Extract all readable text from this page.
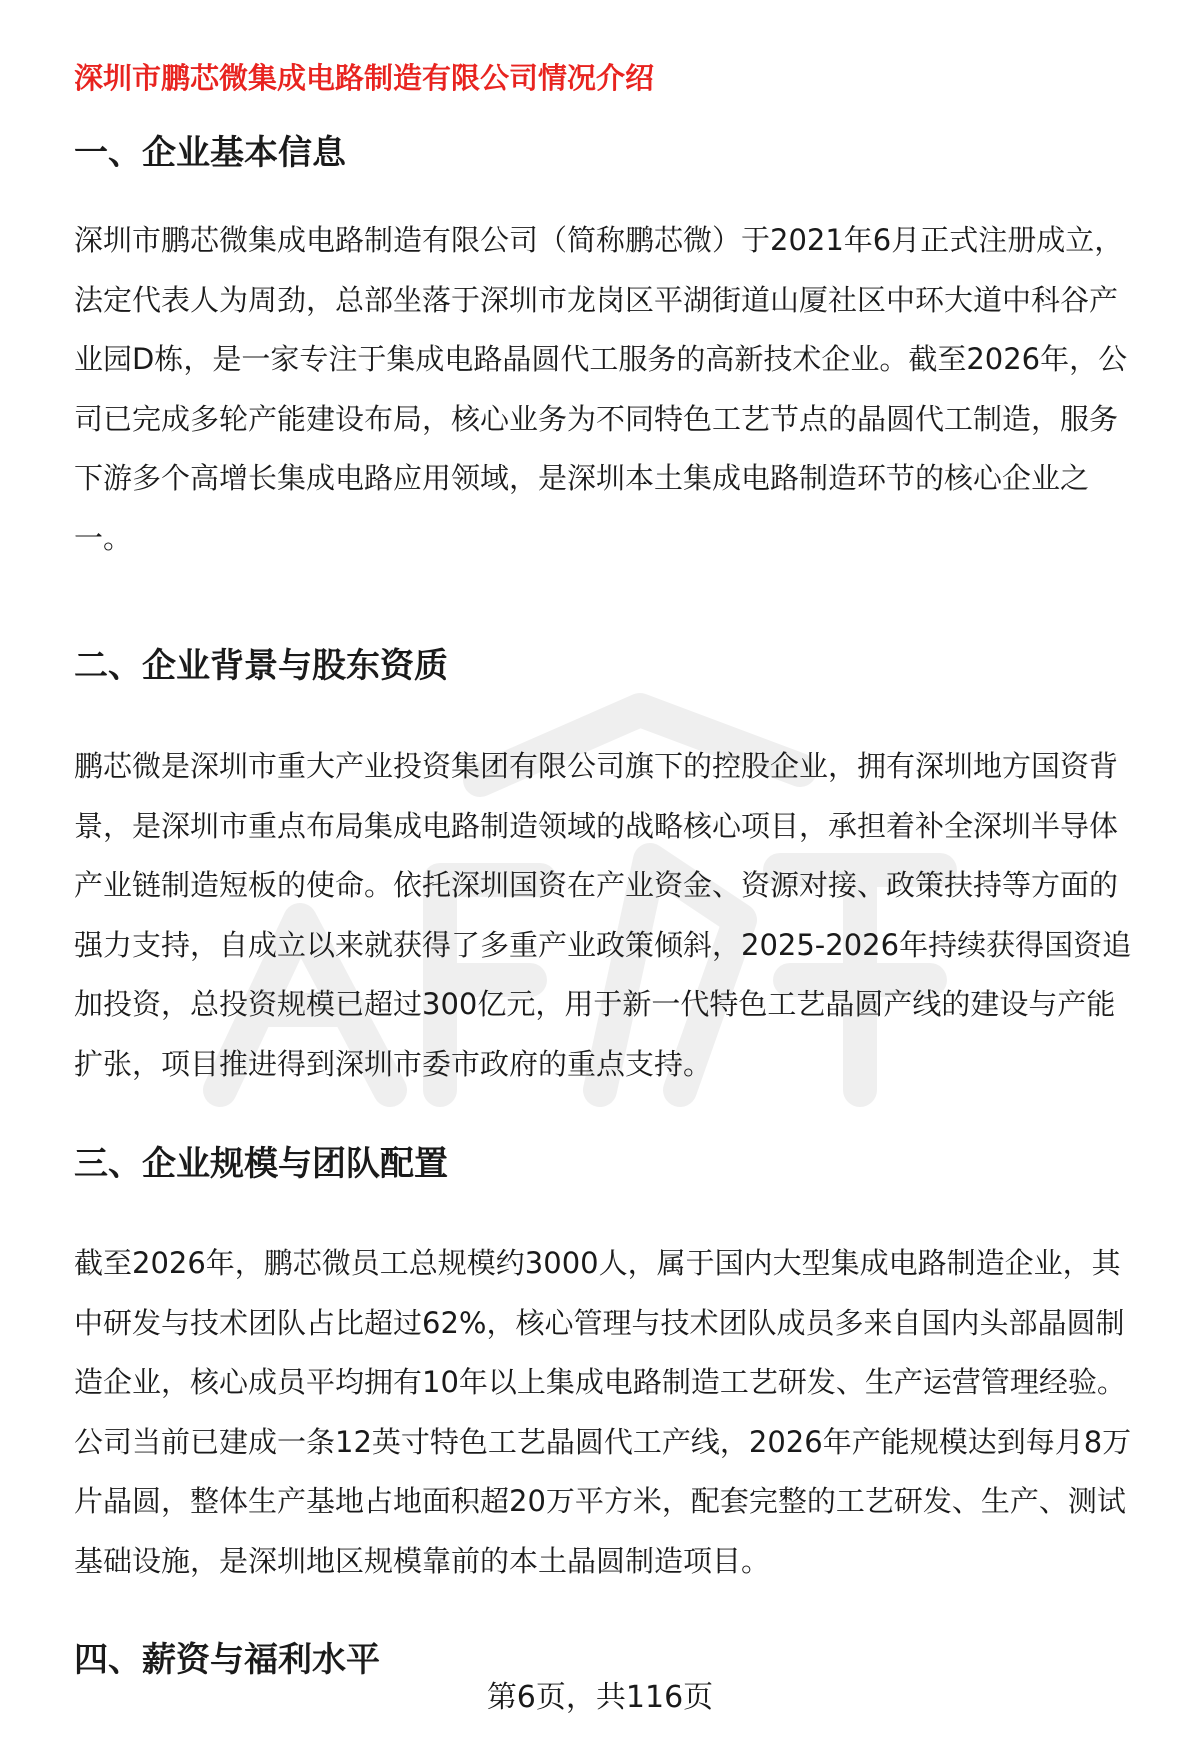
深圳市鹏芯微集成电路制造有限公司情况介绍
一、企业基本信息
深圳市鹏芯微集成电路制造有限公司（简称鹏芯微）于2021年6月正式注册成立，
法定代表人为周劲，总部坐落于深圳市龙岗区平湖街道山厦社区中环大道中科谷产
业园D栋，是一家专注于集成电路晶圆代工服务的高新技术企业。截至2026年，公
司已完成多轮产能建设布局，核心业务为不同特色工艺节点的晶圆代工制造，服务
下游多个高增长集成电路应用领域，是深圳本土集成电路制造环节的核心企业之
一。
二、企业背景与股东资质
鹏芯微是深圳市重大产业投资集团有限公司旗下的控股企业，拥有深圳地方国资背
景，是深圳市重点布局集成电路制造领域的战略核心项目，承担着补全深圳半导体
产业链制造短板的使命。依托深圳国资在产业资金、资源对接、政策扶持等方面的
强力支持，自成立以来就获得了多重产业政策倾斜，2025-2026年持续获得国资追
加投资，总投资规模已超过300亿元，用于新一代特色工艺晶圆产线的建设与产能
扩张，项目推进得到深圳市委市政府的重点支持。
三、企业规模与团队配置
截至2026年，鹏芯微员工总规模约3000人，属于国内大型集成电路制造企业，其
中研发与技术团队占比超过62%，核心管理与技术团队成员多来自国内头部晶圆制
造企业，核心成员平均拥有10年以上集成电路制造工艺研发、生产运营管理经验。
公司当前已建成一条12英寸特色工艺晶圆代工产线，2026年产能规模达到每月8万
片晶圆，整体生产基地占地面积超20万平方米，配套完整的工艺研发、生产、测试
基础设施，是深圳地区规模靠前的本土晶圆制造项目。
四、薪资与福利水平

第6页，共116页
